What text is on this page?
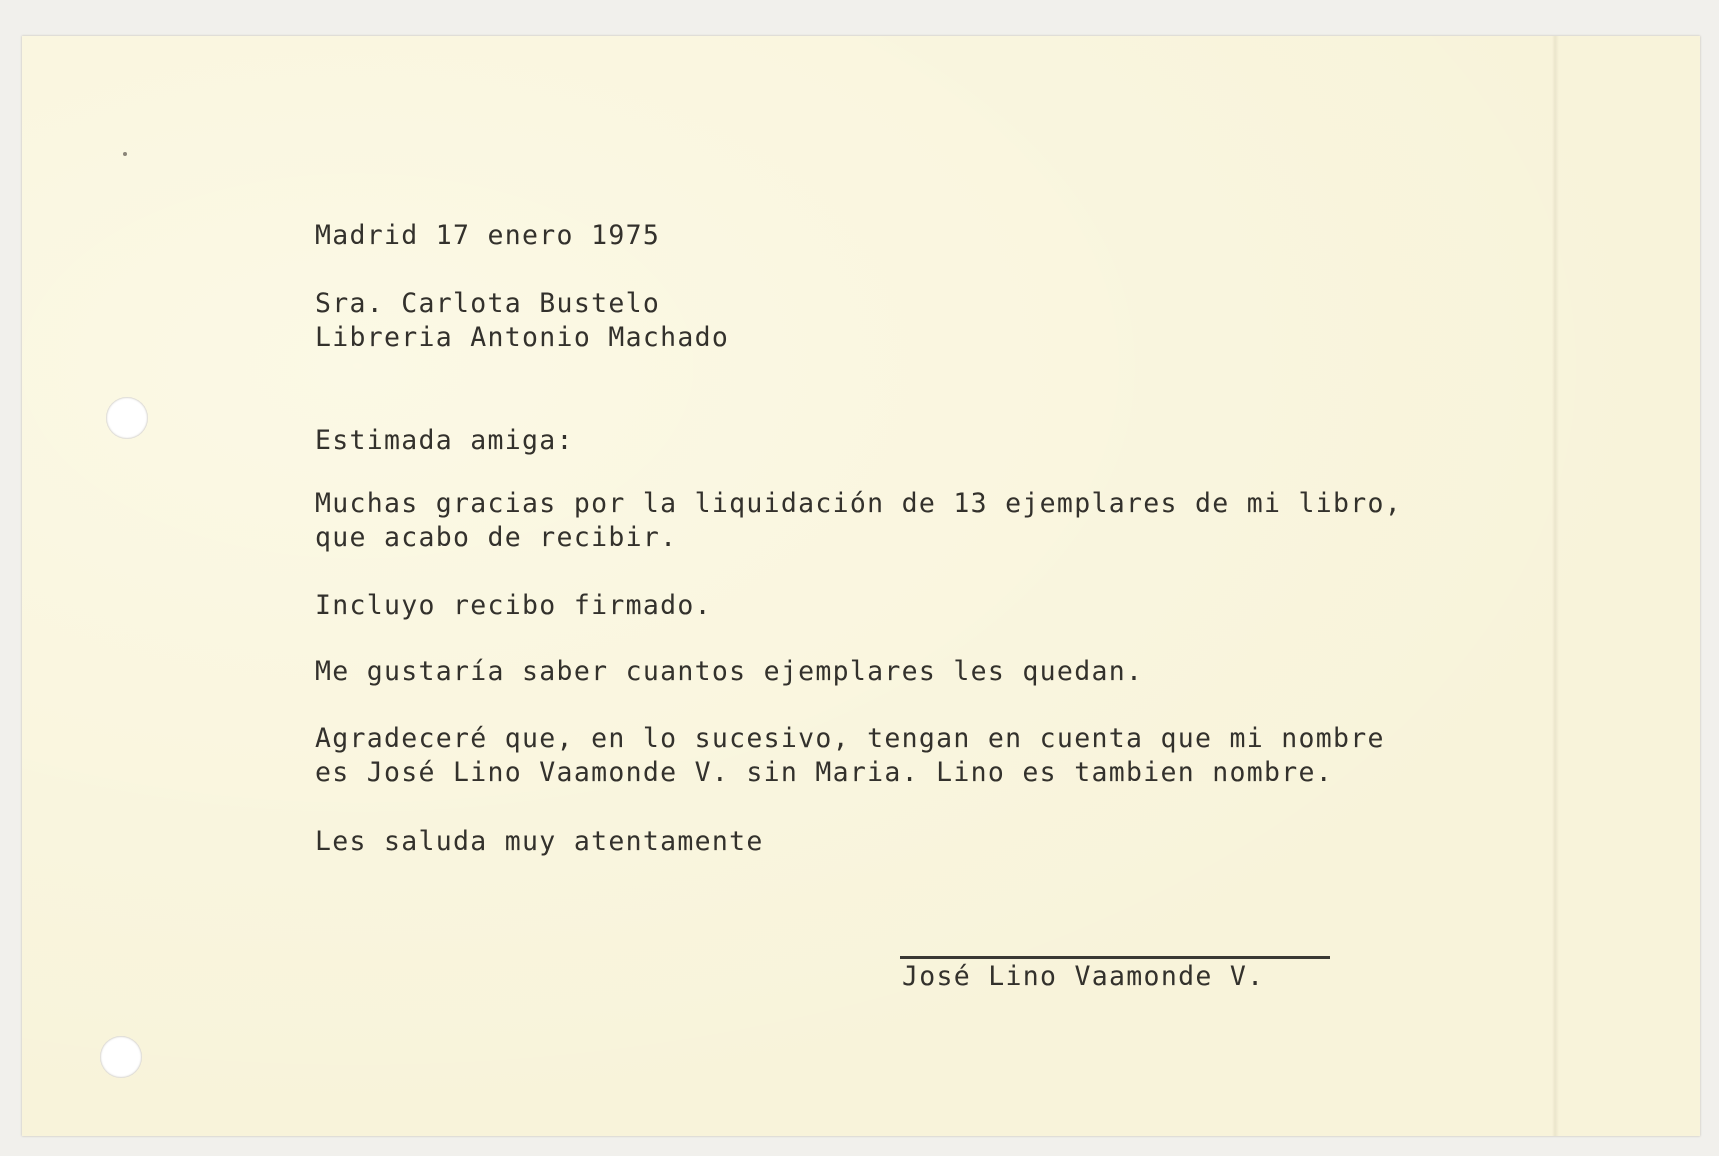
Madrid 17 enero 1975

Sra. Carlota Bustelo

Libreria Antonio Machado

Estimada amiga:

Muchas gracias por la liquidación de 13 ejemplares de mi libro,

que acabo de recibir.

Incluyo recibo firmado.

Me gustaría saber cuantos ejemplares les quedan.

Agradeceré que, en lo sucesivo, tengan en cuenta que mi nombre

es José Lino Vaamonde V. sin Maria. Lino es tambien nombre.

Les saluda muy atentamente

José Lino Vaamonde V.
